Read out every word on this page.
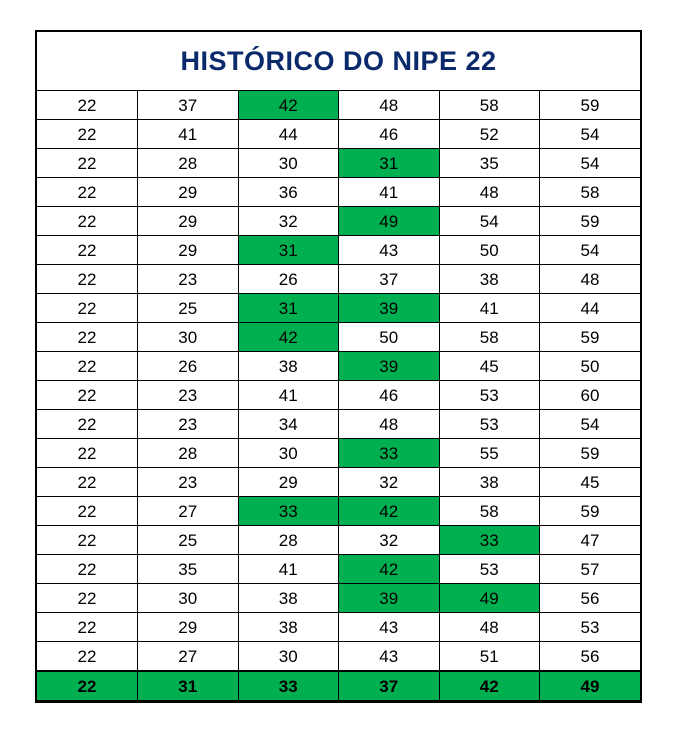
HISTÓRICO DO NIPE 22
22	37	42	48	58	59
22	41	44	46	52	54
22	28	30	31	35	54
22	29	36	41	48	58
22	29	32	49	54	59
22	29	31	43	50	54
22	23	26	37	38	48
22	25	31	39	41	44
22	30	42	50	58	59
22	26	38	39	45	50
22	23	41	46	53	60
22	23	34	48	53	54
22	28	30	33	55	59
22	23	29	32	38	45
22	27	33	42	58	59
22	25	28	32	33	47
22	35	41	42	53	57
22	30	38	39	49	56
22	29	38	43	48	53
22	27	30	43	51	56
22	31	33	37	42	49
